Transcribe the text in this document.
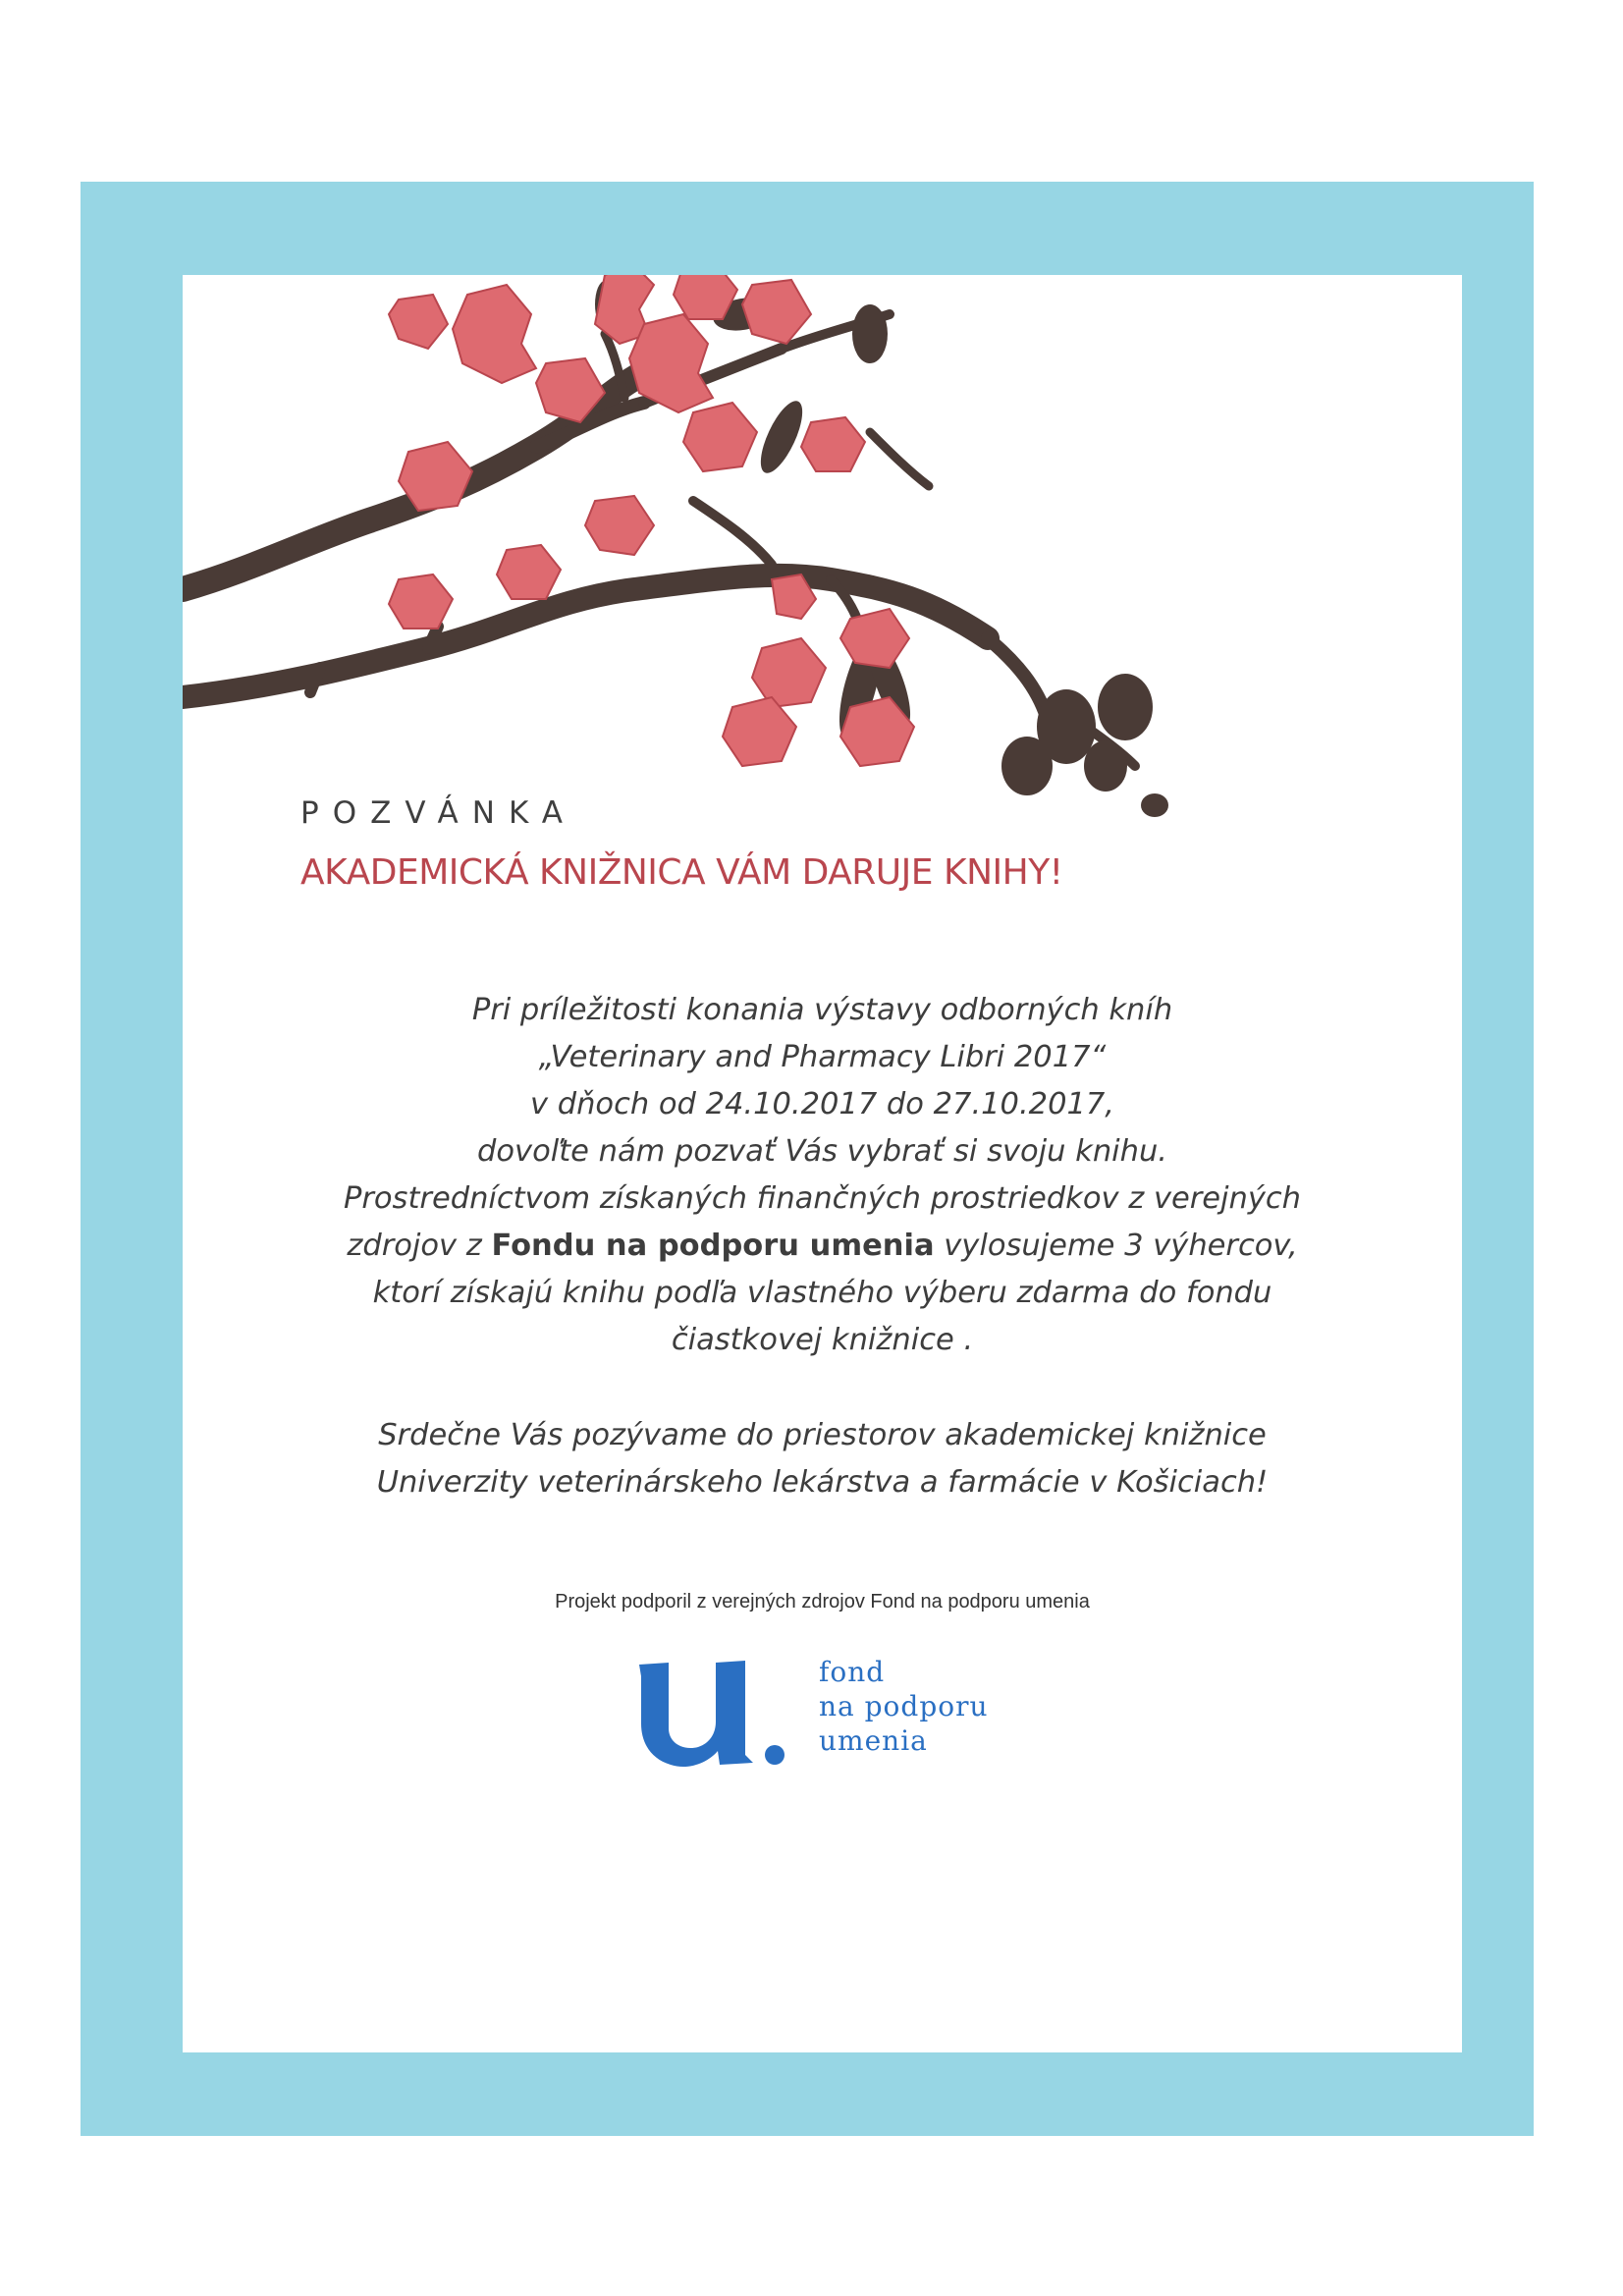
POZVÁNKA
AKADEMICKÁ KNIŽNICA VÁM DARUJE KNIHY!
Pri príležitosti konania výstavy odborných kníh
„Veterinary and Pharmacy Libri 2017“
v dňoch od 24.10.2017 do 27.10.2017,
dovoľte nám pozvať Vás vybrať si svoju knihu.
Prostredníctvom získaných finančných prostriedkov z verejných
zdrojov z Fondu na podporu umenia vylosujeme 3 výhercov,
ktorí získajú knihu podľa vlastného výberu zdarma do fondu
čiastkovej knižnice .
Srdečne Vás pozývame do priestorov akademickej knižnice
Univerzity veterinárskeho lekárstva a farmácie v Košiciach!
Projekt podporil z verejných zdrojov Fond na podporu umenia
fond
na podporu
umenia
